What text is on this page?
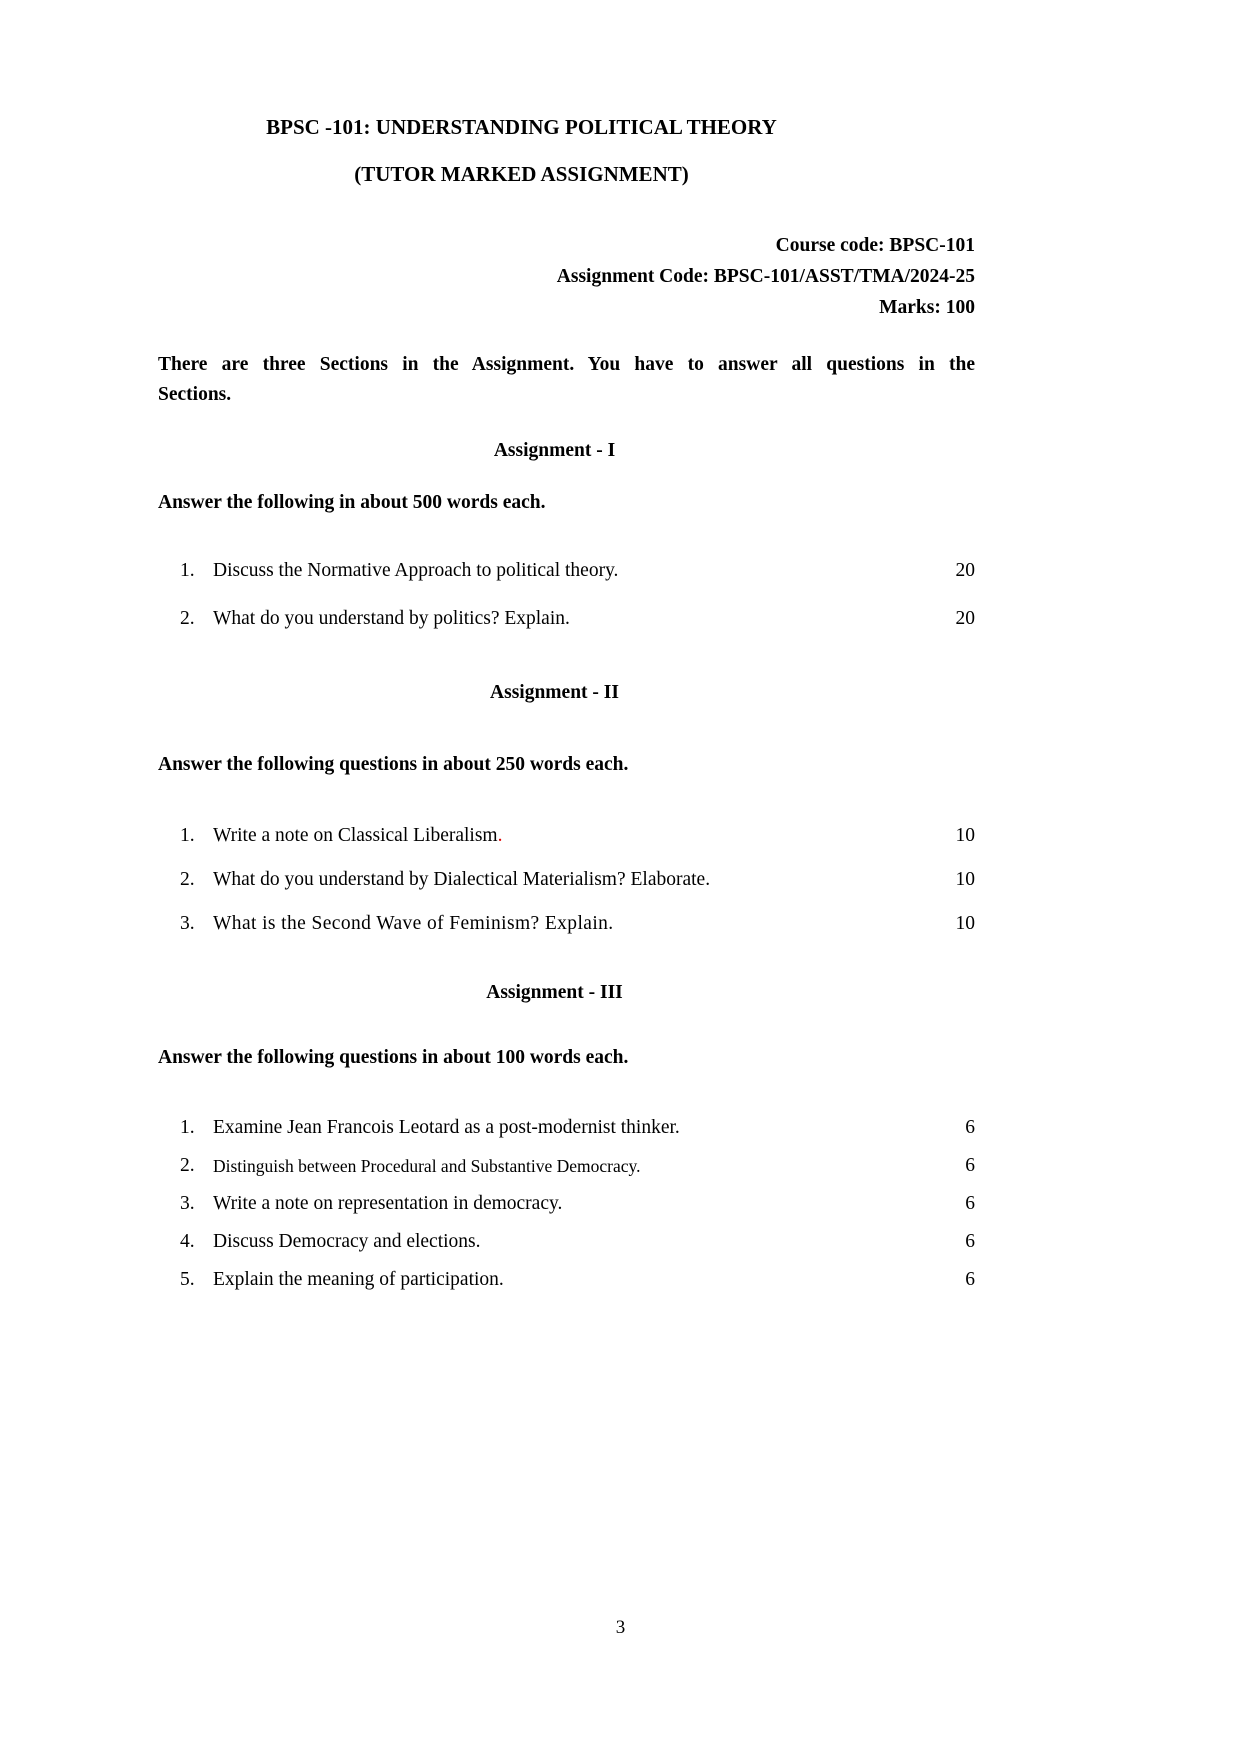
BPSC -101: UNDERSTANDING POLITICAL THEORY
(TUTOR MARKED ASSIGNMENT)
Course code: BPSC-101
Assignment Code: BPSC-101/ASST/TMA/2024-25
Marks: 100
There are three Sections in the Assignment. You have to answer all questions in the
Sections.
Assignment - I
Answer the following in about 500 words each.
1. Discuss the Normative Approach to political theory.	20
2. What do you understand by politics? Explain.	20
Assignment - II
Answer the following questions in about 250 words each.
1. Write a note on Classical Liberalism.	10
2. What do you understand by Dialectical Materialism? Elaborate.	10
3. What is the Second Wave of Feminism? Explain.	10
Assignment - III
Answer the following questions in about 100 words each.
1. Examine Jean Francois Leotard as a post-modernist thinker.	6
2.	Distinguish between Procedural and Substantive Democracy.	6
3. Write a note on representation in democracy.	6
4. Discuss Democracy and elections.	6
5. Explain the meaning of participation.	6
3
